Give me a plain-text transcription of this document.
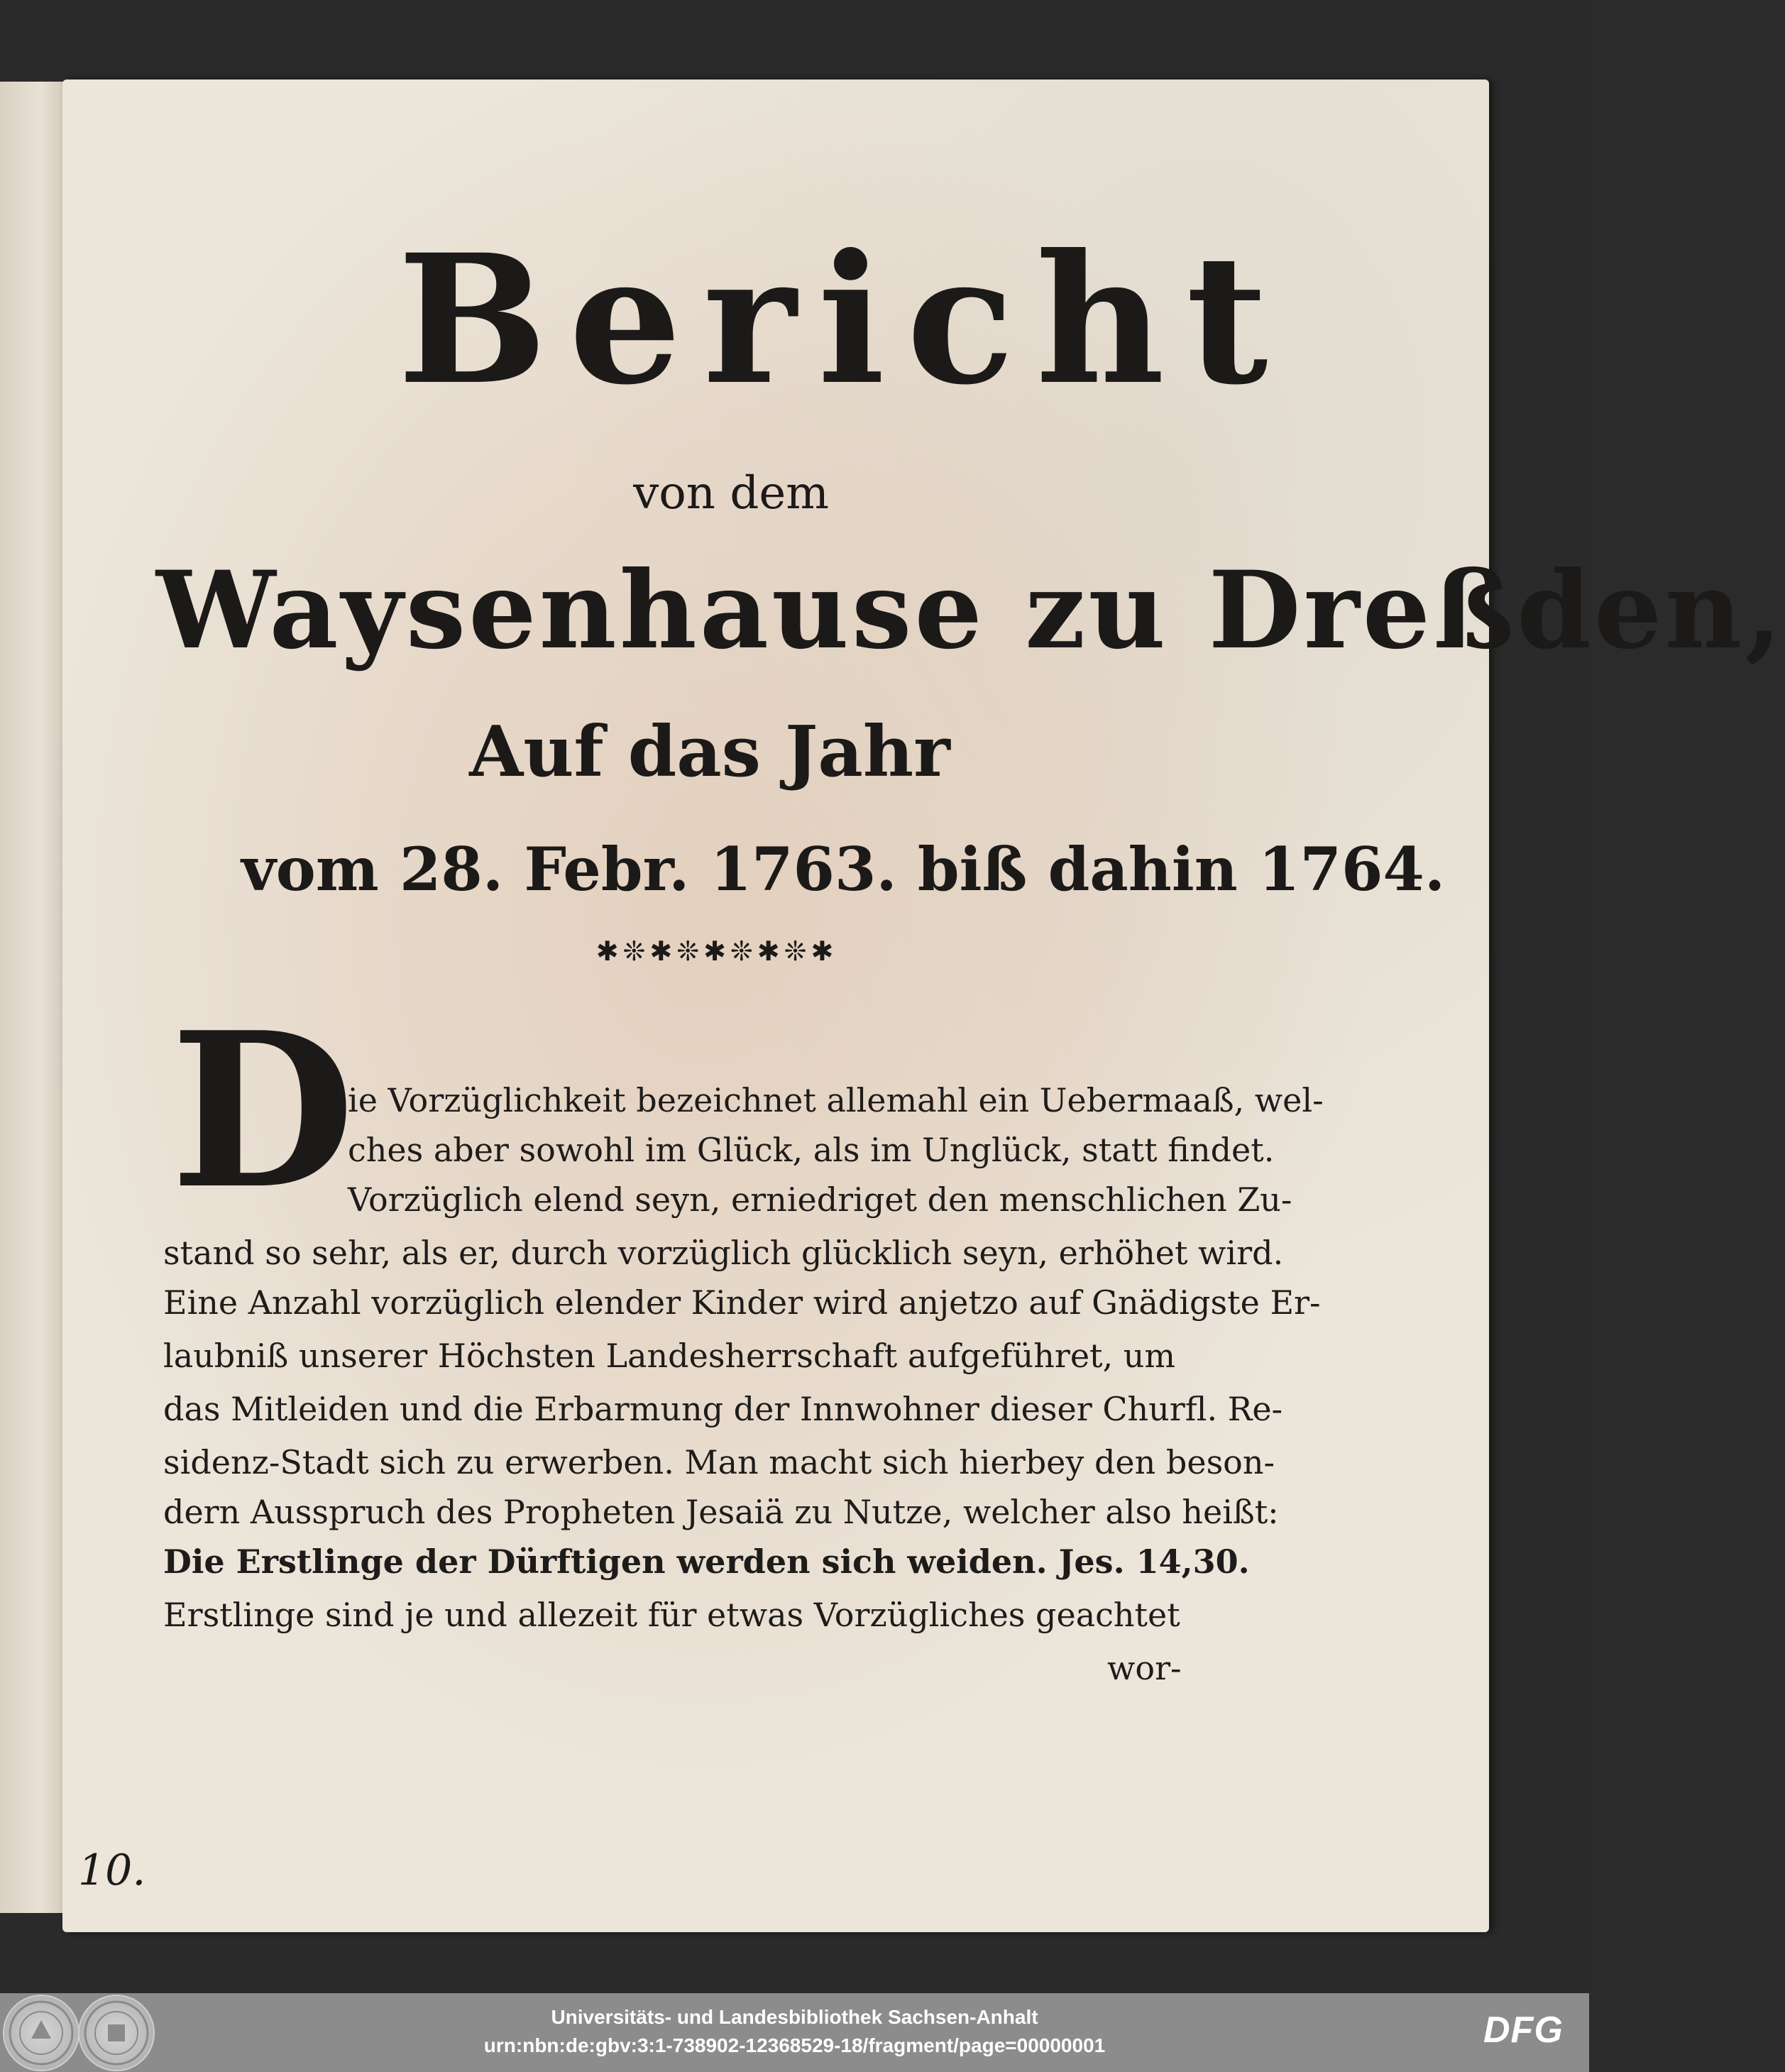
Bericht
von dem
Waysenhause zu Dreßden,
Auf das Jahr
vom 28. Febr. 1763. biß dahin 1764.
✱❊✱❊✱❊✱❊✱
D
ie Vorzüglichkeit bezeichnet allemahl ein Uebermaaß, wel-
ches aber sowohl im Glück, als im Unglück, statt findet.
Vorzüglich elend seyn, erniedriget den menschlichen Zu-
stand so sehr, als er, durch vorzüglich glücklich seyn, erhöhet wird.
Eine Anzahl vorzüglich elender Kinder wird anjetzo auf Gnädigste Er-
laubniß unserer Höchsten Landesherrschaft aufgeführet, um
das Mitleiden und die Erbarmung der Innwohner dieser Churfl. Re-
sidenz-Stadt sich zu erwerben. Man macht sich hierbey den beson-
dern Ausspruch des Propheten Jesaiä zu Nutze, welcher also heißt:
Die Erstlinge der Dürftigen werden sich weiden. Jes. 14,30.
Erstlinge sind je und allezeit für etwas Vorzügliches geachtet
wor-
10.
Universitäts- und Landesbibliothek Sachsen-Anhalt
urn:nbn:de:gbv:3:1-738902-12368529-18/fragment/page=00000001	DFG
